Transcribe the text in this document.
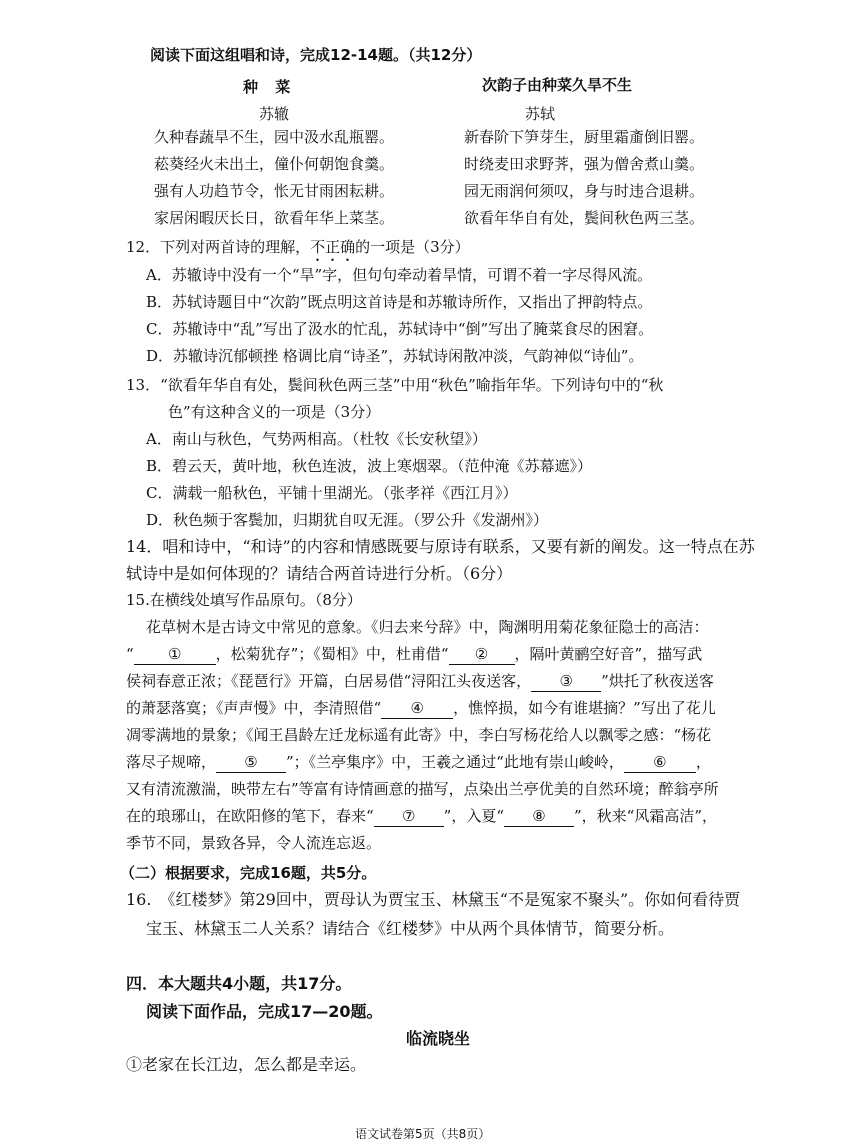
阅读下面这组唱和诗，完成12-14题。（共12分）
种 菜	次韵子由种菜久旱不生
苏辙	苏轼
久种春蔬旱不生，园中汲水乱瓶罂。
菘葵经火未出土，僮仆何朝饱食羹。
强有人功趋节令，怅无甘雨困耘耕。
家居闲暇厌长日，欲看年华上菜茎。
新春阶下笋芽生，厨里霜齑倒旧罂。
时绕麦田求野荠，强为僧舍煮山羹。
园无雨润何须叹，身与时违合退耕。
欲看年华自有处，鬓间秋色两三茎。
12．下列对两首诗的理解，不正确的一项是（3分）
A．苏辙诗中没有一个“旱”字，但句句牵动着旱情，可谓不着一字尽得风流。
B．苏轼诗题目中“次韵”既点明这首诗是和苏辙诗所作，又指出了押韵特点。
C．苏辙诗中“乱”写出了汲水的忙乱，苏轼诗中“倒”写出了腌菜食尽的困窘。
D．苏辙诗沉郁顿挫 格调比肩“诗圣”，苏轼诗闲散冲淡，气韵神似“诗仙”。
13．“欲看年华自有处，鬓间秋色两三茎”中用“秋色”喻指年华。下列诗句中的“秋
色”有这种含义的一项是（3分）
A．南山与秋色，气势两相高。（杜牧《长安秋望》）
B．碧云天，黄叶地，秋色连波，波上寒烟翠。（范仲淹《苏幕遮》）
C．满载一船秋色，平铺十里湖光。（张孝祥《西江月》）
D．秋色频于客鬓加，归期犹自叹无涯。（罗公升《发湖州》）
14．唱和诗中，“和诗”的内容和情感既要与原诗有联系，又要有新的阐发。这一特点在苏
轼诗中是如何体现的？请结合两首诗进行分析。（6分）
15.在横线处填写作品原句。（8分）
花草树木是古诗文中常见的意象。《归去来兮辞》中，陶渊明用菊花象征隐士的高洁：
“ ① ，松菊犹存”；《蜀相》中，杜甫借“ ② ，隔叶黄鹂空好音”，描写武
侯祠春意正浓；《琵琶行》开篇，白居易借“浔阳江头夜送客， ③ ”烘托了秋夜送客
的萧瑟落寞；《声声慢》中，李清照借“ ④ ，憔悴损，如今有谁堪摘？”写出了花儿
凋零满地的景象；《闻王昌龄左迁龙标遥有此寄》中，李白写杨花给人以飘零之感：“杨花
落尽子规啼， ⑤ ”；《兰亭集序》中，王羲之通过“此地有崇山峻岭， ⑥ ，
又有清流激湍，映带左右”等富有诗情画意的描写，点染出兰亭优美的自然环境；醉翁亭所
在的琅琊山，在欧阳修的笔下，春来“ ⑦ ”，入夏“ ⑧ ”，秋来“风霜高洁”，
季节不同，景致各异，令人流连忘返。
（二）根据要求，完成16题，共5分。
16.　《红楼梦》第29回中，贾母认为贾宝玉、林黛玉“不是冤家不聚头”。你如何看待贾
宝玉、林黛玉二人关系？请结合《红楼梦》中从两个具体情节，简要分析。
四．本大题共4小题，共17分。
阅读下面作品，完成17—20题。
临流晓坐
①老家在长江边，怎么都是幸运。
语文试卷第5页（共8页）
